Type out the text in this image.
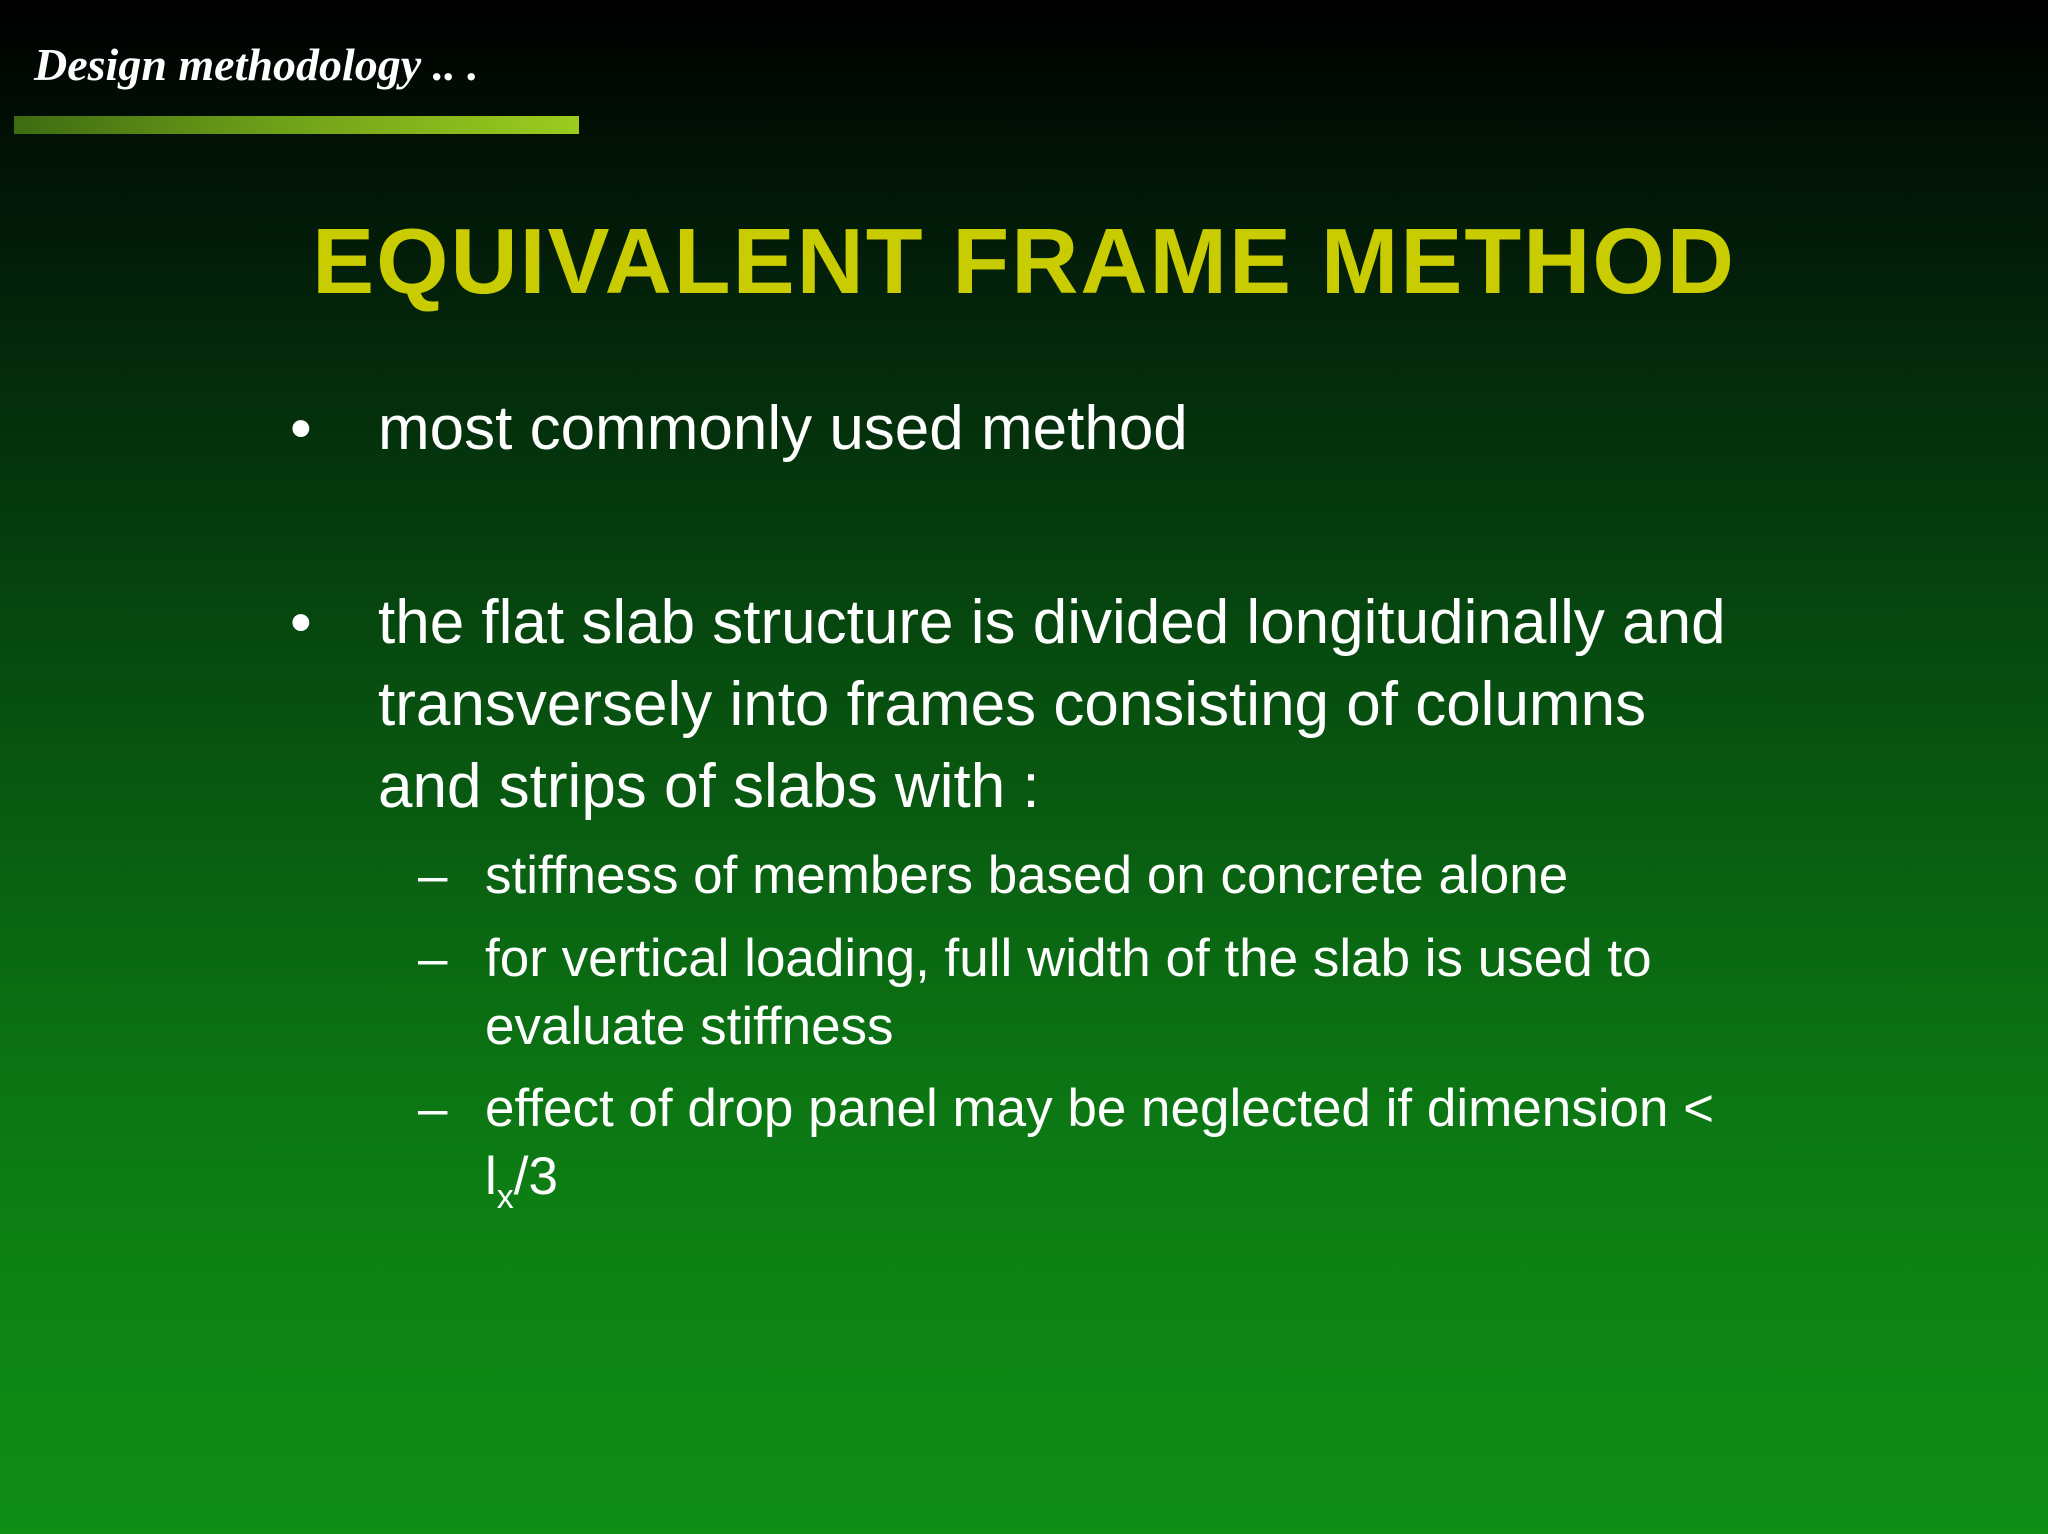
Design methodology .. .
EQUIVALENT FRAME METHOD
• most commonly used method
• the flat slab structure is divided longitudinally and
transversely into frames consisting of columns
and strips of slabs with :
– stiffness of members based on concrete alone
– for vertical loading, full width of the slab is used to
evaluate stiffness
– effect of drop panel may be neglected if dimension <
$l_x/3$
